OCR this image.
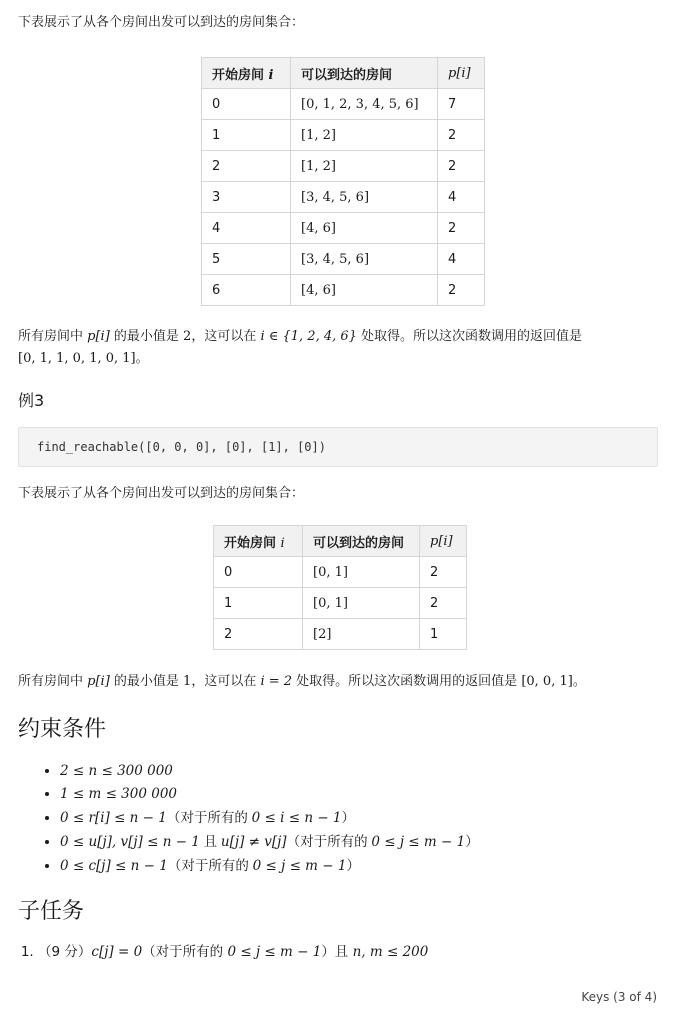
下表展示了从各个房间出发可以到达的房间集合：
开始房间 i	可以到达的房间	p[i]
0	[0, 1, 2, 3, 4, 5, 6]	7
1	[1, 2]	2
2	[1, 2]	2
3	[3, 4, 5, 6]	4
4	[4, 6]	2
5	[3, 4, 5, 6]	4
6	[4, 6]	2
所有房间中 p[i] 的最小值是 2，这可以在 i ∈ {1, 2, 4, 6} 处取得。所以这次函数调用的返回值是
[0, 1, 1, 0, 1, 0, 1]。
例3
find_reachable([0, 0, 0], [0], [1], [0])
下表展示了从各个房间出发可以到达的房间集合：
开始房间 i	可以到达的房间	p[i]
0	[0, 1]	2
1	[0, 1]	2
2	[2]	1
所有房间中 p[i] 的最小值是 1，这可以在 i = 2 处取得。所以这次函数调用的返回值是 [0, 0, 1]。
约束条件
• 2 ≤ n ≤ 300 000
• 1 ≤ m ≤ 300 000
• 0 ≤ r[i] ≤ n − 1（对于所有的 0 ≤ i ≤ n − 1）
• 0 ≤ u[j], v[j] ≤ n − 1 且 u[j] ≠ v[j]（对于所有的 0 ≤ j ≤ m − 1）
• 0 ≤ c[j] ≤ n − 1（对于所有的 0 ≤ j ≤ m − 1）
子任务
1. （9 分）c[j] = 0（对于所有的 0 ≤ j ≤ m − 1）且 n, m ≤ 200
Keys (3 of 4)
